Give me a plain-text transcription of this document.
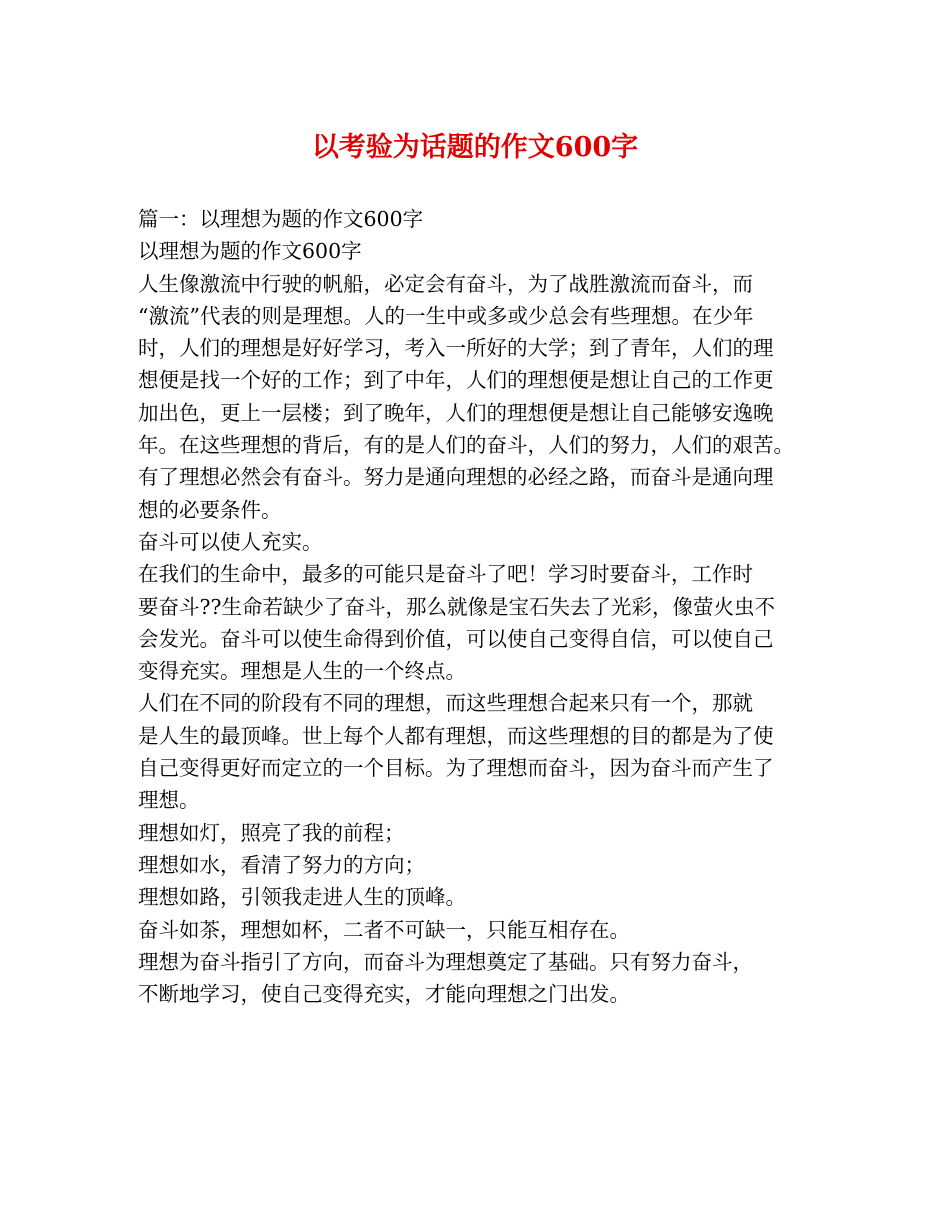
以考验为话题的作文600字
篇一：以理想为题的作文600字
以理想为题的作文600字
人生像激流中行驶的帆船，必定会有奋斗，为了战胜激流而奋斗，而
“激流”代表的则是理想。人的一生中或多或少总会有些理想。在少年
时，人们的理想是好好学习，考入一所好的大学；到了青年，人们的理
想便是找一个好的工作；到了中年，人们的理想便是想让自己的工作更
加出色，更上一层楼；到了晚年，人们的理想便是想让自己能够安逸晚
年。在这些理想的背后，有的是人们的奋斗，人们的努力，人们的艰苦。
有了理想必然会有奋斗。努力是通向理想的必经之路，而奋斗是通向理
想的必要条件。
奋斗可以使人充实。
在我们的生命中，最多的可能只是奋斗了吧！学习时要奋斗，工作时
要奋斗??生命若缺少了奋斗，那么就像是宝石失去了光彩，像萤火虫不
会发光。奋斗可以使生命得到价值，可以使自己变得自信，可以使自己
变得充实。理想是人生的一个终点。
人们在不同的阶段有不同的理想，而这些理想合起来只有一个，那就
是人生的最顶峰。世上每个人都有理想，而这些理想的目的都是为了使
自己变得更好而定立的一个目标。为了理想而奋斗，因为奋斗而产生了
理想。
理想如灯，照亮了我的前程；
理想如水，看清了努力的方向；
理想如路，引领我走进人生的顶峰。
奋斗如茶，理想如杯，二者不可缺一，只能互相存在。
理想为奋斗指引了方向，而奋斗为理想奠定了基础。只有努力奋斗，
不断地学习，使自己变得充实，才能向理想之门出发。
